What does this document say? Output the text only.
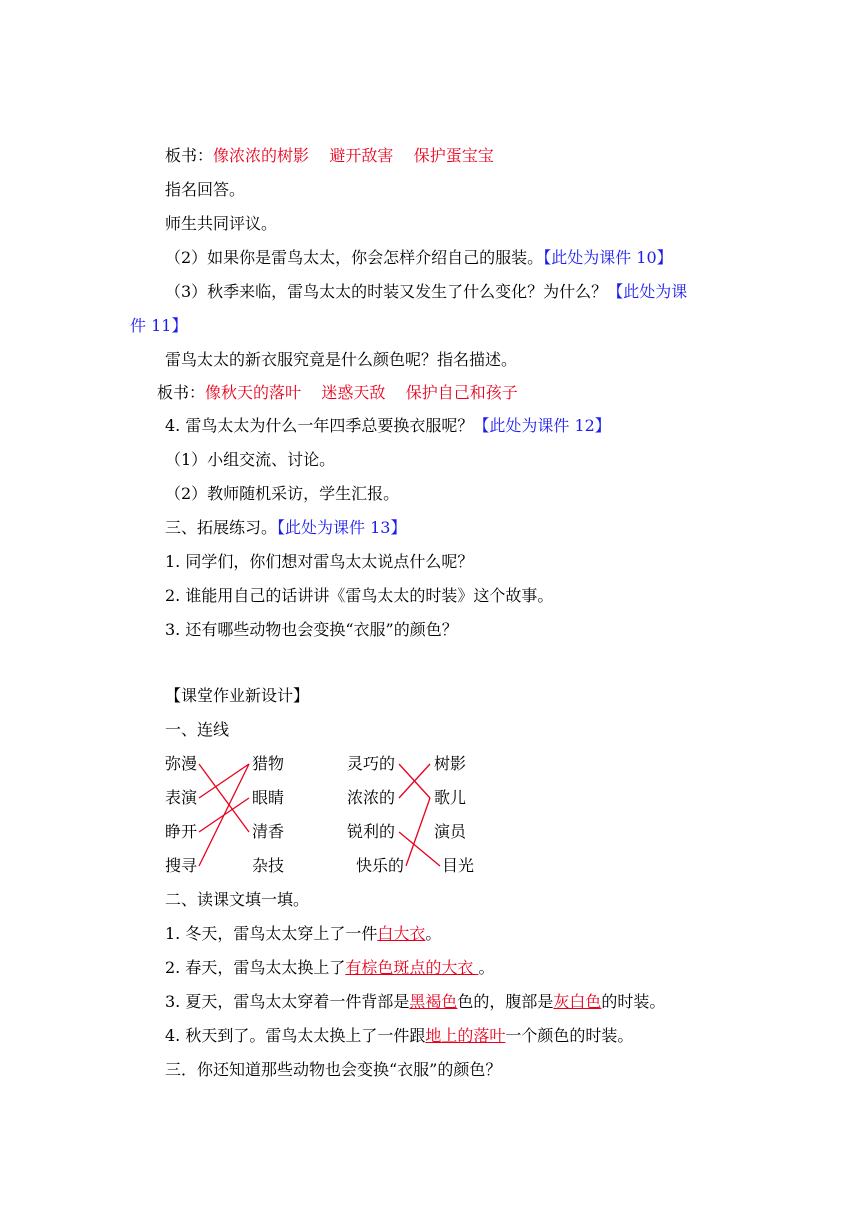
板书：像浓浓的树影 避开敌害 保护蛋宝宝
指名回答。
师生共同评议。
（2）如果你是雷鸟太太，你会怎样介绍自己的服装。【此处为课件 10】
（3）秋季来临，雷鸟太太的时装又发生了什么变化？为什么？【此处为课
件 11】
雷鸟太太的新衣服究竟是什么颜色呢？指名描述。
板书：像秋天的落叶 迷惑天敌 保护自己和孩子
4. 雷鸟太太为什么一年四季总要换衣服呢？【此处为课件 12】
（1）小组交流、讨论。
（2）教师随机采访，学生汇报。
三、拓展练习。【此处为课件 13】
1. 同学们，你们想对雷鸟太太说点什么呢？
2. 谁能用自己的话讲讲《雷鸟太太的时装》这个故事。
3. 还有哪些动物也会变换“衣服”的颜色？
【课堂作业新设计】
一、连线
弥漫
表演
睁开
搜寻
猎物
眼睛
清香
杂技
灵巧的
浓浓的
锐利的
快乐的
树影
歌儿
演员
目光
二、读课文填一填。
1. 冬天，雷鸟太太穿上了一件白大衣。
2. 春天，雷鸟太太换上了有棕色斑点的大衣 。
3. 夏天，雷鸟太太穿着一件背部是黑褐色色的，腹部是灰白色的时装。
4. 秋天到了。雷鸟太太换上了一件跟地上的落叶一个颜色的时装。
三．你还知道那些动物也会变换“衣服”的颜色？
